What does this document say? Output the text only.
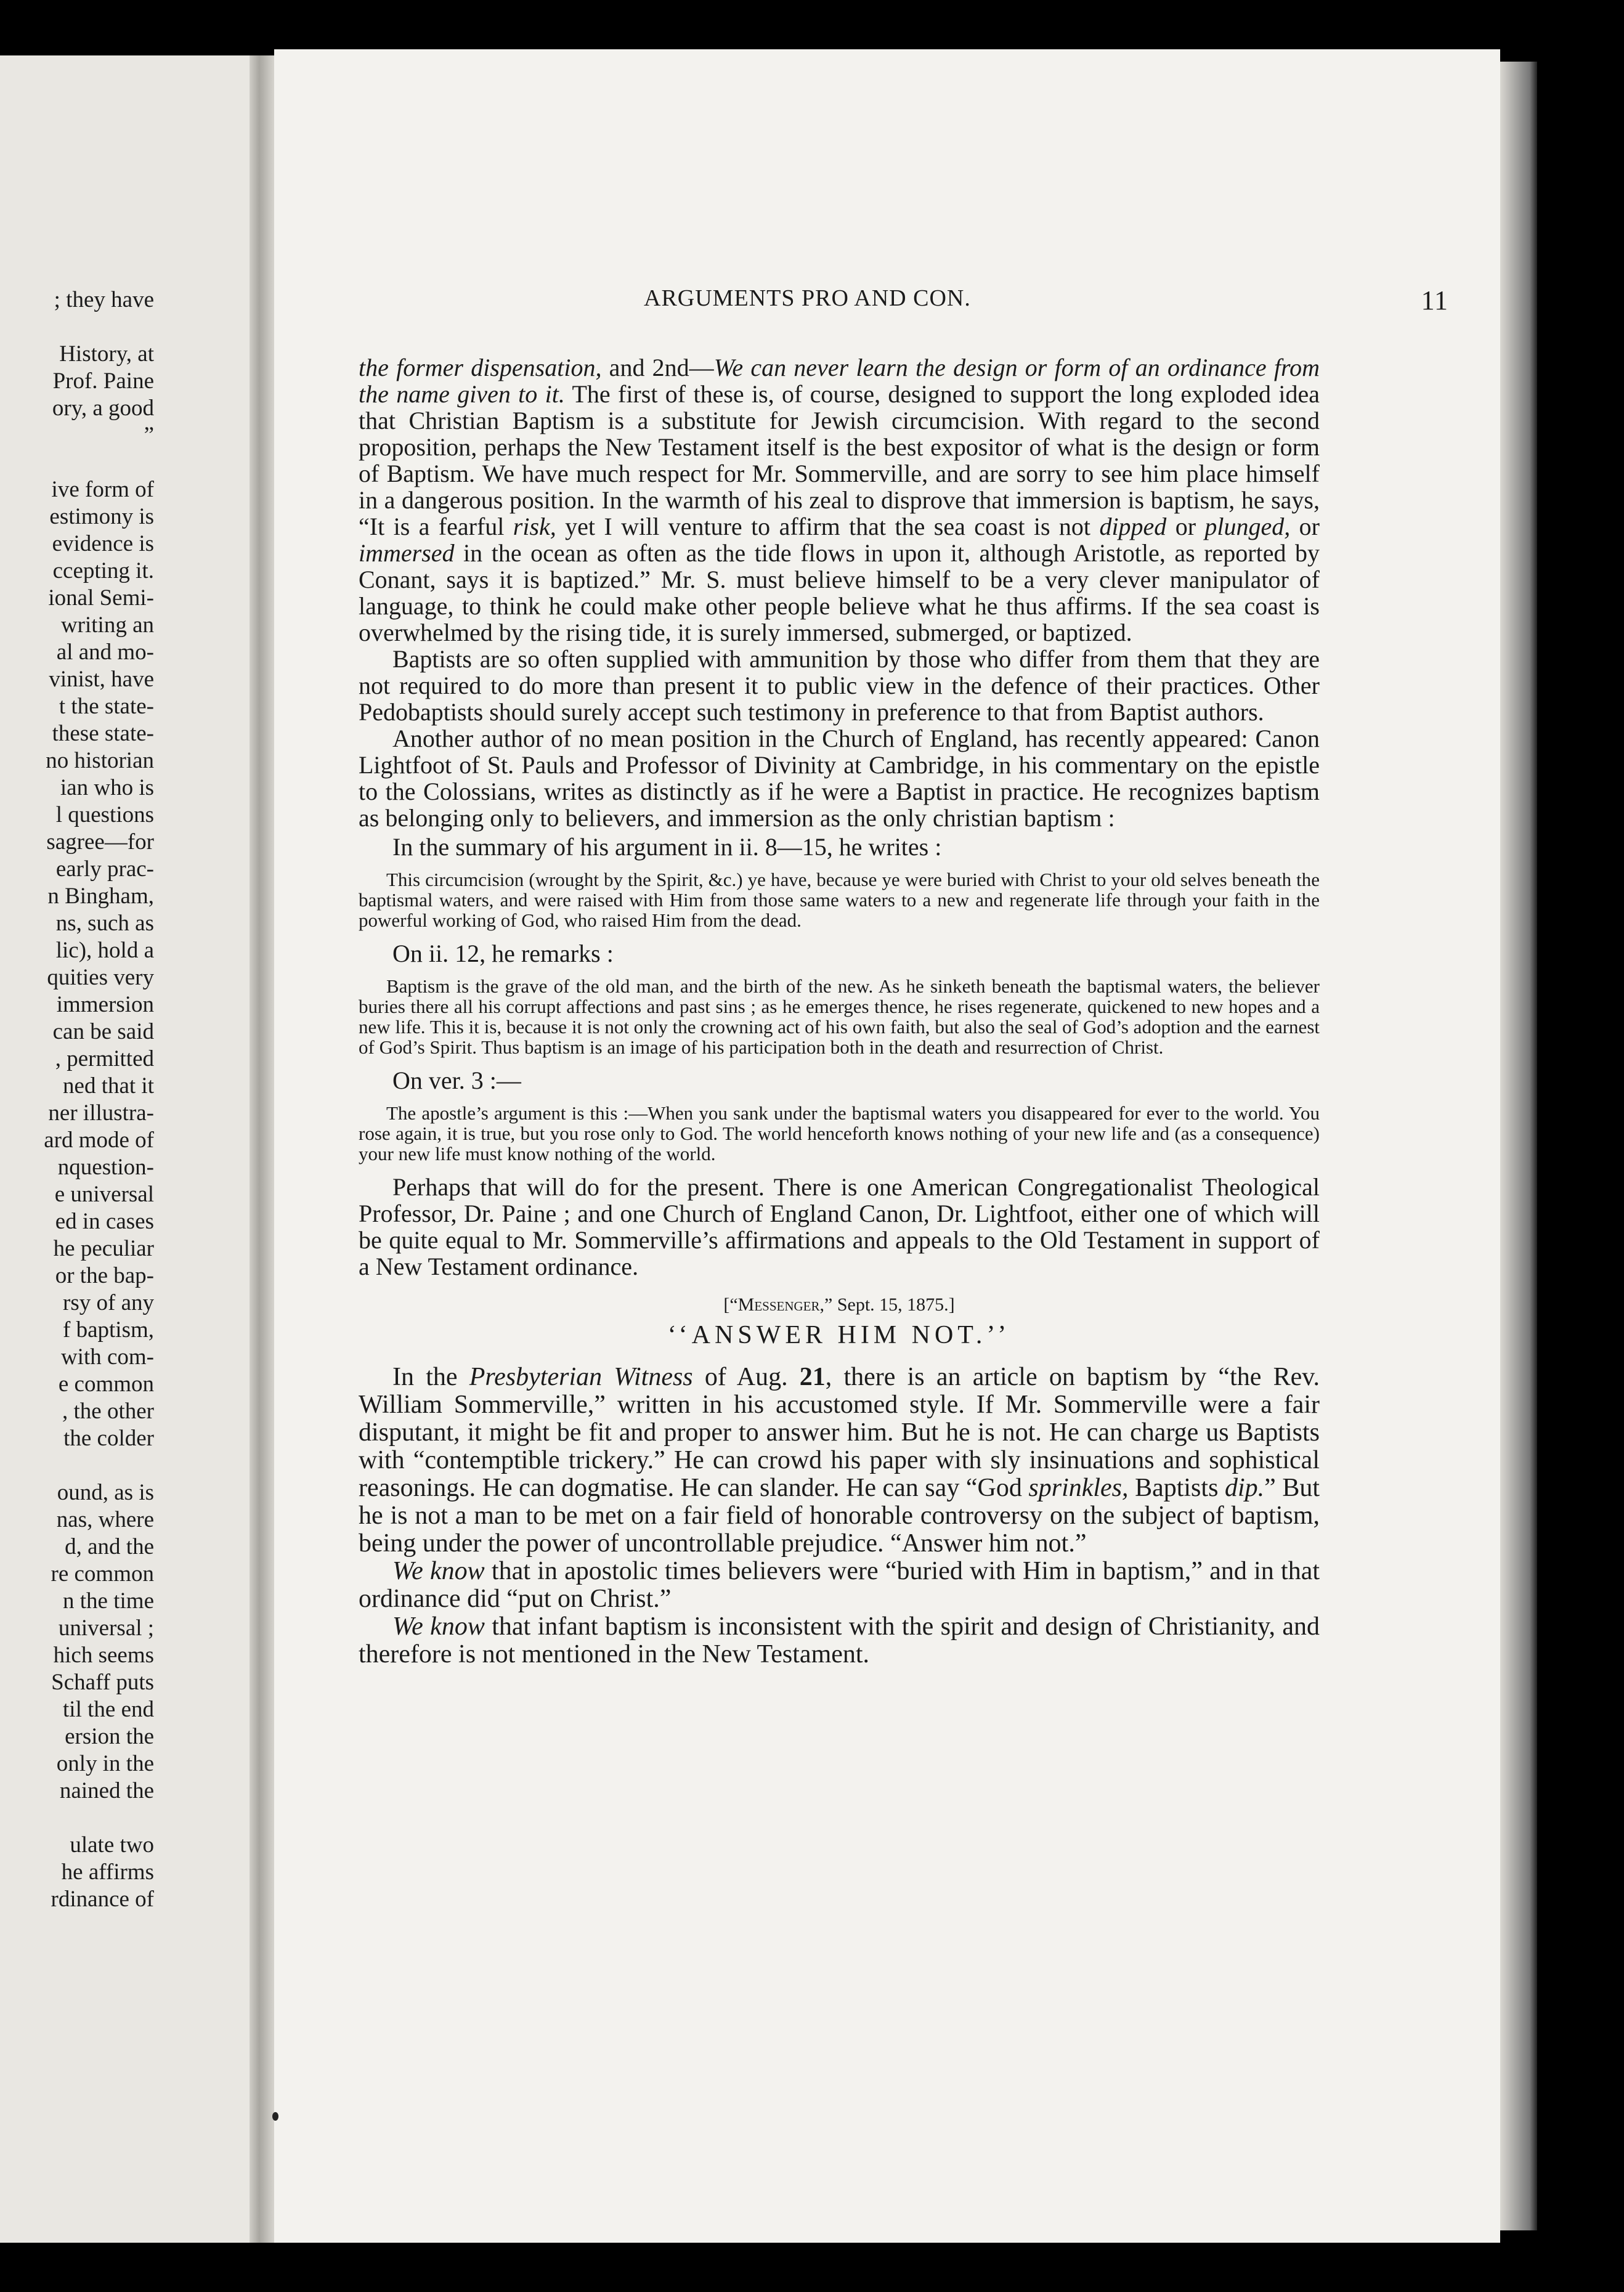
; they have
History, at
Prof. Paine
ory, a good
”
ive form of
estimony is
evidence is
ccepting it.
ional Semi-
writing an
al and mo-
vinist, have
t the state-
these state-
no historian
ian who is
l questions
sagree—for
early prac-
n Bingham,
ns, such as
lic), hold a
quities very
immersion
can be said
, permitted
ned that it
ner illustra-
ard mode of
nquestion-
e universal
ed in cases
he peculiar
or the bap-
rsy of any
f baptism,
with com-
e common
, the other
the colder
ound, as is
nas, where
d, and the
re common
n the time
universal ;
hich seems
Schaff puts
til the end
ersion the
only in the
nained the
ulate two
he affirms
rdinance of
ARGUMENTS PRO AND CON.	11

the former dispensation, and 2nd—We can never learn the design or form of an ordinance from the name given to it. The first of these is, of course, designed to support the long exploded idea that Christian Baptism is a substitute for Jewish circumcision. With regard to the second proposition, perhaps the New Testament itself is the best expositor of what is the design or form of Baptism. We have much respect for Mr. Sommerville, and are sorry to see him place himself in a dangerous position. In the warmth of his zeal to disprove that immersion is baptism, he says, “It is a fearful risk, yet I will venture to affirm that the sea coast is not dipped or plunged, or immersed in the ocean as often as the tide flows in upon it, although Aristotle, as reported by Conant, says it is baptized.” Mr. S. must believe himself to be a very clever manipulator of language, to think he could make other people believe what he thus affirms. If the sea coast is overwhelmed by the rising tide, it is surely immersed, submerged, or baptized.

Baptists are so often supplied with ammunition by those who differ from them that they are not required to do more than present it to public view in the defence of their practices. Other Pedobaptists should surely accept such testimony in preference to that from Baptist authors.

Another author of no mean position in the Church of England, has recently appeared: Canon Lightfoot of St. Pauls and Professor of Divinity at Cambridge, in his commentary on the epistle to the Colossians, writes as distinctly as if he were a Baptist in practice. He recognizes baptism as belonging only to believers, and immersion as the only christian baptism :

In the summary of his argument in ii. 8—15, he writes :

This circumcision (wrought by the Spirit, &c.) ye have, because ye were buried with Christ to your old selves beneath the baptismal waters, and were raised with Him from those same waters to a new and regenerate life through your faith in the powerful working of God, who raised Him from the dead.

On ii. 12, he remarks :

Baptism is the grave of the old man, and the birth of the new. As he sinketh beneath the baptismal waters, the believer buries there all his corrupt affections and past sins ; as he emerges thence, he rises regenerate, quickened to new hopes and a new life. This it is, because it is not only the crowning act of his own faith, but also the seal of God’s adoption and the earnest of God’s Spirit. Thus baptism is an image of his participation both in the death and resurrection of Christ.

On ver. 3 :—

The apostle’s argument is this :—When you sank under the baptismal waters you disappeared for ever to the world. You rose again, it is true, but you rose only to God. The world henceforth knows nothing of your new life and (as a consequence) your new life must know nothing of the world.

Perhaps that will do for the present. There is one American Congregationalist Theological Professor, Dr. Paine ; and one Church of England Canon, Dr. Lightfoot, either one of which will be quite equal to Mr. Sommerville’s affirmations and appeals to the Old Testament in support of a New Testament ordinance.

[“Messenger,” Sept. 15, 1875.]

‘‘ANSWER HIM NOT.’’

In the Presbyterian Witness of Aug. 21, there is an article on baptism by “the Rev. William Sommerville,” written in his accustomed style. If Mr. Sommerville were a fair disputant, it might be fit and proper to answer him. But he is not. He can charge us Baptists with “contemptible trickery.” He can crowd his paper with sly insinuations and sophistical reasonings. He can dogmatise. He can slander. He can say “God sprinkles, Baptists dip.” But he is not a man to be met on a fair field of honorable controversy on the subject of baptism, being under the power of uncontrollable prejudice. “Answer him not.”

We know that in apostolic times believers were “buried with Him in baptism,” and in that ordinance did “put on Christ.”

We know that infant baptism is inconsistent with the spirit and design of Christianity, and therefore is not mentioned in the New Testament.
